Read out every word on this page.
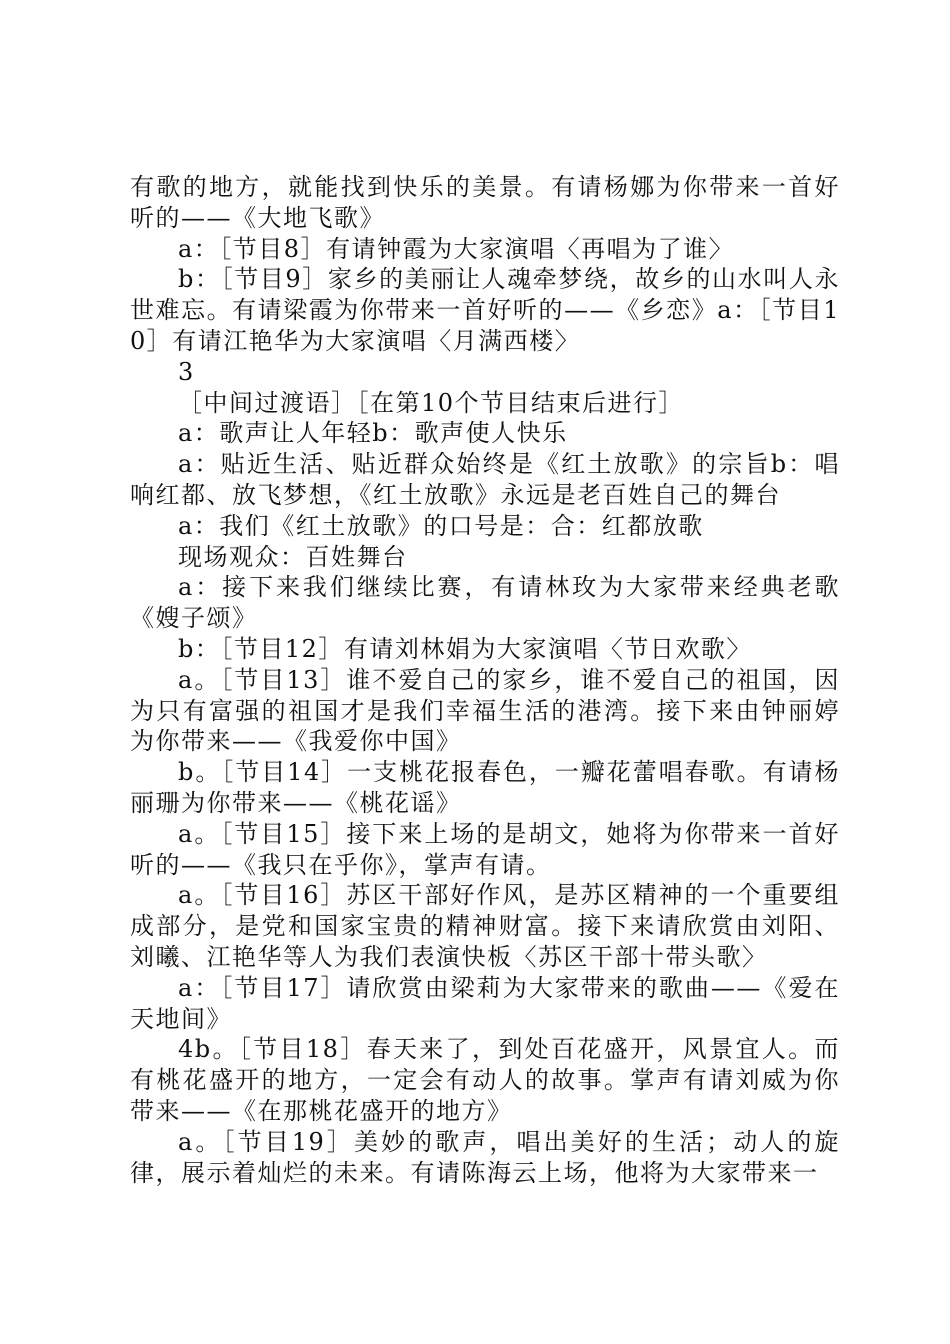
有歌的地方，就能找到快乐的美景。有请杨娜为你带来一首好听的——《大地飞歌》

a：［节目8］有请钟霞为大家演唱〈再唱为了谁〉

b：［节目9］家乡的美丽让人魂牵梦绕，故乡的山水叫人永世难忘。有请梁霞为你带来一首好听的——《乡恋》a：［节目10］有请江艳华为大家演唱〈月满西楼〉

3

［中间过渡语］［在第10个节目结束后进行］

a：歌声让人年轻b：歌声使人快乐

a：贴近生活、贴近群众始终是《红土放歌》的宗旨b：唱响红都、放飞梦想，《红土放歌》永远是老百姓自己的舞台

a：我们《红土放歌》的口号是：合：红都放歌

现场观众：百姓舞台

a：接下来我们继续比赛，有请林玫为大家带来经典老歌《嫂子颂》

b：［节目12］有请刘林娟为大家演唱〈节日欢歌〉

a。［节目13］谁不爱自己的家乡，谁不爱自己的祖国，因为只有富强的祖国才是我们幸福生活的港湾。接下来由钟丽婷为你带来——《我爱你中国》

b。［节目14］一支桃花报春色，一瓣花蕾唱春歌。有请杨丽珊为你带来——《桃花谣》

a。［节目15］接下来上场的是胡文，她将为你带来一首好听的——《我只在乎你》，掌声有请。

a。［节目16］苏区干部好作风，是苏区精神的一个重要组成部分，是党和国家宝贵的精神财富。接下来请欣赏由刘阳、刘曦、江艳华等人为我们表演快板〈苏区干部十带头歌〉

a：［节目17］请欣赏由梁莉为大家带来的歌曲——《爱在天地间》

4b。［节目18］春天来了，到处百花盛开，风景宜人。而有桃花盛开的地方，一定会有动人的故事。掌声有请刘威为你带来——《在那桃花盛开的地方》

a。［节目19］美妙的歌声，唱出美好的生活；动人的旋律，展示着灿烂的未来。有请陈海云上场，他将为大家带来一
